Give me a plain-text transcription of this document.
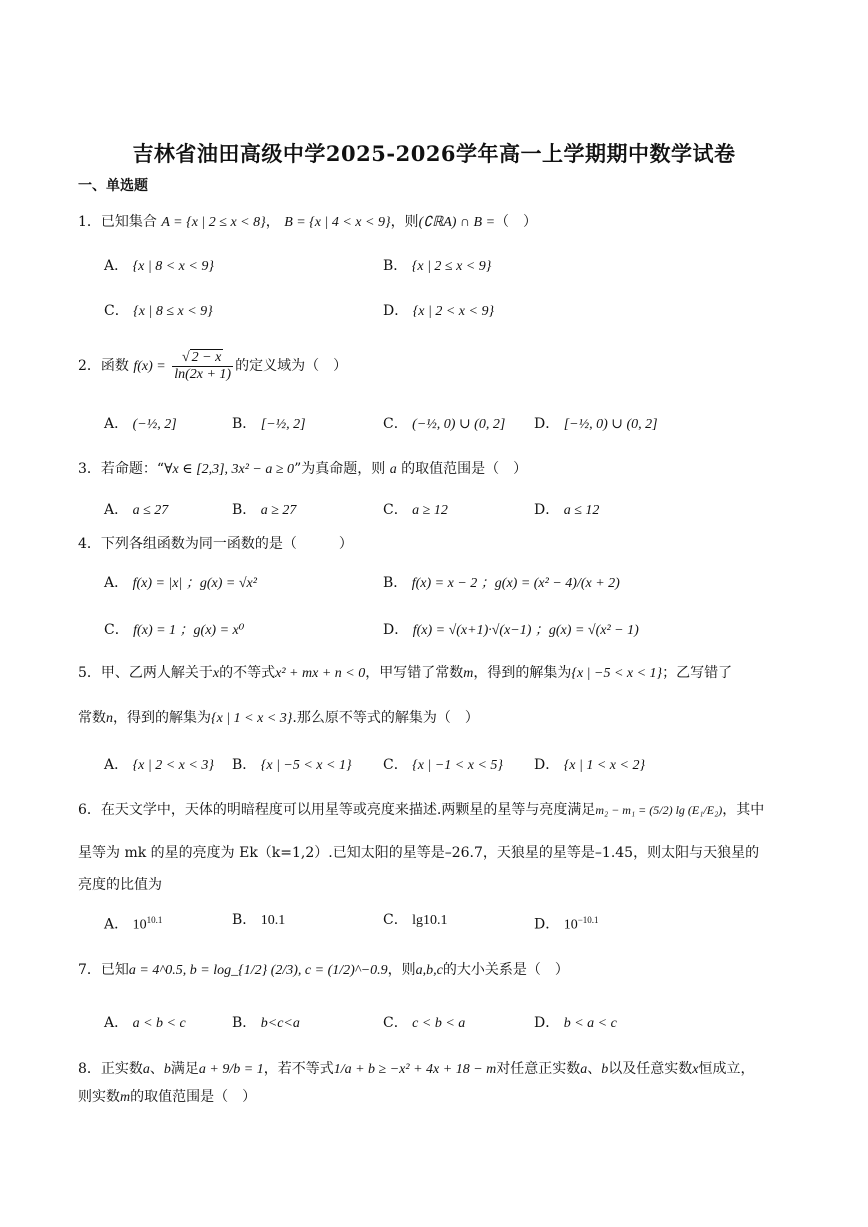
吉林省油田高级中学2025-2026学年高一上学期期中数学试卷
一、单选题
1．已知集合 A = {x | 2 ≤ x < 8}， B = {x | 4 < x < 9}，则(∁ℝA) ∩ B =（　）
A． {x | 8 < x < 9}	B． {x | 2 ≤ x < 9}
C． {x | 8 ≤ x < 9}	D． {x | 2 < x < 9}
2．函数 $f(x) = \frac{√ 2 - x}{\ln(2x + 1)}$ 的定义域为（　）
A． (−½, 2]	B． [−½, 2]	C． (−½, 0) ∪ (0, 2] D． [−½, 0) ∪ (0, 2]
3．若命题：“∀x ∈ [2,3], 3x² − a ≥ 0”为真命题，则 a 的取值范围是（　）
A． a ≤ 27	B． a ≥ 27	C． a ≥ 12	D． a ≤ 12
4．下列各组函数为同一函数的是（　　　）
A． f(x) = |x| ；g(x) = √x²	B． f(x) = x − 2 ；g(x) = (x² − 4)/(x + 2)
C． f(x) = 1 ；g(x) = x⁰	D． f(x) = √(x+1)·√(x−1) ；g(x) = √(x² − 1)
5．甲、乙两人解关于x的不等式x² + mx + n < 0，甲写错了常数m，得到的解集为{x | −5 < x < 1}；乙写错了
常数n，得到的解集为{x | 1 < x < 3}.那么原不等式的解集为（　）
A． {x | 2 < x < 3} B． {x | −5 < x < 1} C． {x | −1 < x < 5} D． {x | 1 < x < 2}
6．在天文学中，天体的明暗程度可以用星等或亮度来描述.两颗星的星等与亮度满足m₂ − m₁ = (5/2) lg (E₁/E₂)，其中
星等为 mk 的星的亮度为 Ek（k=1,2）.已知太阳的星等是–26.7，天狼星的星等是–1.45，则太阳与天狼星的
亮度的比值为
A． $10^{10.1}$	B． 10.1	C． lg10.1	D． $10^{-10.1}$
7．已知a = 4^0.5, b = log_{1/2} (2/3), c = (1/2)^−0.9，则a,b,c的大小关系是（　）
A． a < b < c	B． b<c<a	C． c < b < a	D． b < a < c
8．正实数a、b满足a + 9/b = 1，若不等式1/a + b ≥ −x² + 4x + 18 − m对任意正实数a、b以及任意实数x恒成立，
则实数m的取值范围是（　）
